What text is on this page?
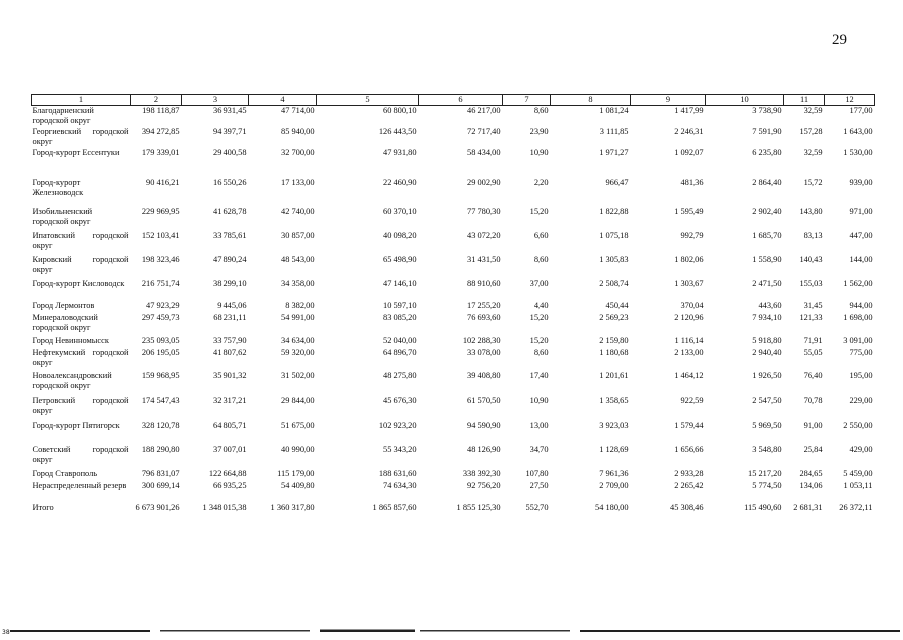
29
1	2	3	4	5	6	7	8	9	10	11	12
Благодарненский городской округ	198 118,87	36 931,45	47 714,00	60 800,10	46 217,00	8,60	1 081,24	1 417,99	3 738,90	32,59	177,00
Георгиевский городской округ	394 272,85	94 397,71	85 940,00	126 443,50	72 717,40	23,90	3 111,85	2 246,31	7 591,90	157,28	1 643,00
Город-курорт Ессентуки	179 339,01	29 400,58	32 700,00	47 931,80	58 434,00	10,90	1 971,27	1 092,07	6 235,80	32,59	1 530,00
Город-курорт Железноводск	90 416,21	16 550,26	17 133,00	22 460,90	29 002,90	2,20	966,47	481,36	2 864,40	15,72	939,00
Изобильненский городской округ	229 969,95	41 628,78	42 740,00	60 370,10	77 780,30	15,20	1 822,88	1 595,49	2 902,40	143,80	971,00
Ипатовский городской округ	152 103,41	33 785,61	30 857,00	40 098,20	43 072,20	6,60	1 075,18	992,79	1 685,70	83,13	447,00
Кировский городской округ	198 323,46	47 890,24	48 543,00	65 498,90	31 431,50	8,60	1 305,83	1 802,06	1 558,90	140,43	144,00
Город-курорт Кисловодск	216 751,74	38 299,10	34 358,00	47 146,10	88 910,60	37,00	2 508,74	1 303,67	2 471,50	155,03	1 562,00
Город Лермонтов	47 923,29	9 445,06	8 382,00	10 597,10	17 255,20	4,40	450,44	370,04	443,60	31,45	944,00
Минераловодский городской округ	297 459,73	68 231,11	54 991,00	83 085,20	76 693,60	15,20	2 569,23	2 120,96	7 934,10	121,33	1 698,00
Город Невинномысск	235 093,05	33 757,90	34 634,00	52 040,00	102 288,30	15,20	2 159,80	1 116,14	5 918,80	71,91	3 091,00
Нефтекумский городской округ	206 195,05	41 807,62	59 320,00	64 896,70	33 078,00	8,60	1 180,68	2 133,00	2 940,40	55,05	775,00
Новоалександровский городской округ	159 968,95	35 901,32	31 502,00	48 275,80	39 408,80	17,40	1 201,61	1 464,12	1 926,50	76,40	195,00
Петровский городской округ	174 547,43	32 317,21	29 844,00	45 676,30	61 570,50	10,90	1 358,65	922,59	2 547,50	70,78	229,00
Город-курорт Пятигорск	328 120,78	64 805,71	51 675,00	102 923,20	94 590,90	13,00	3 923,03	1 579,44	5 969,50	91,00	2 550,00
Советский городской округ	188 290,80	37 007,01	40 990,00	55 343,20	48 126,90	34,70	1 128,69	1 656,66	3 548,80	25,84	429,00
Город Ставрополь	796 831,07	122 664,88	115 179,00	188 631,60	338 392,30	107,80	7 961,36	2 933,28	15 217,20	284,65	5 459,00
Нераспределенный резерв	300 699,14	66 935,25	54 409,80	74 634,30	92 756,20	27,50	2 709,00	2 265,42	5 774,50	134,06	1 053,11
Итого	6 673 901,26	1 348 015,38	1 360 317,80	1 865 857,60	1 855 125,30	552,70	54 180,00	45 308,46	115 490,60	2 681,31	26 372,11
38
